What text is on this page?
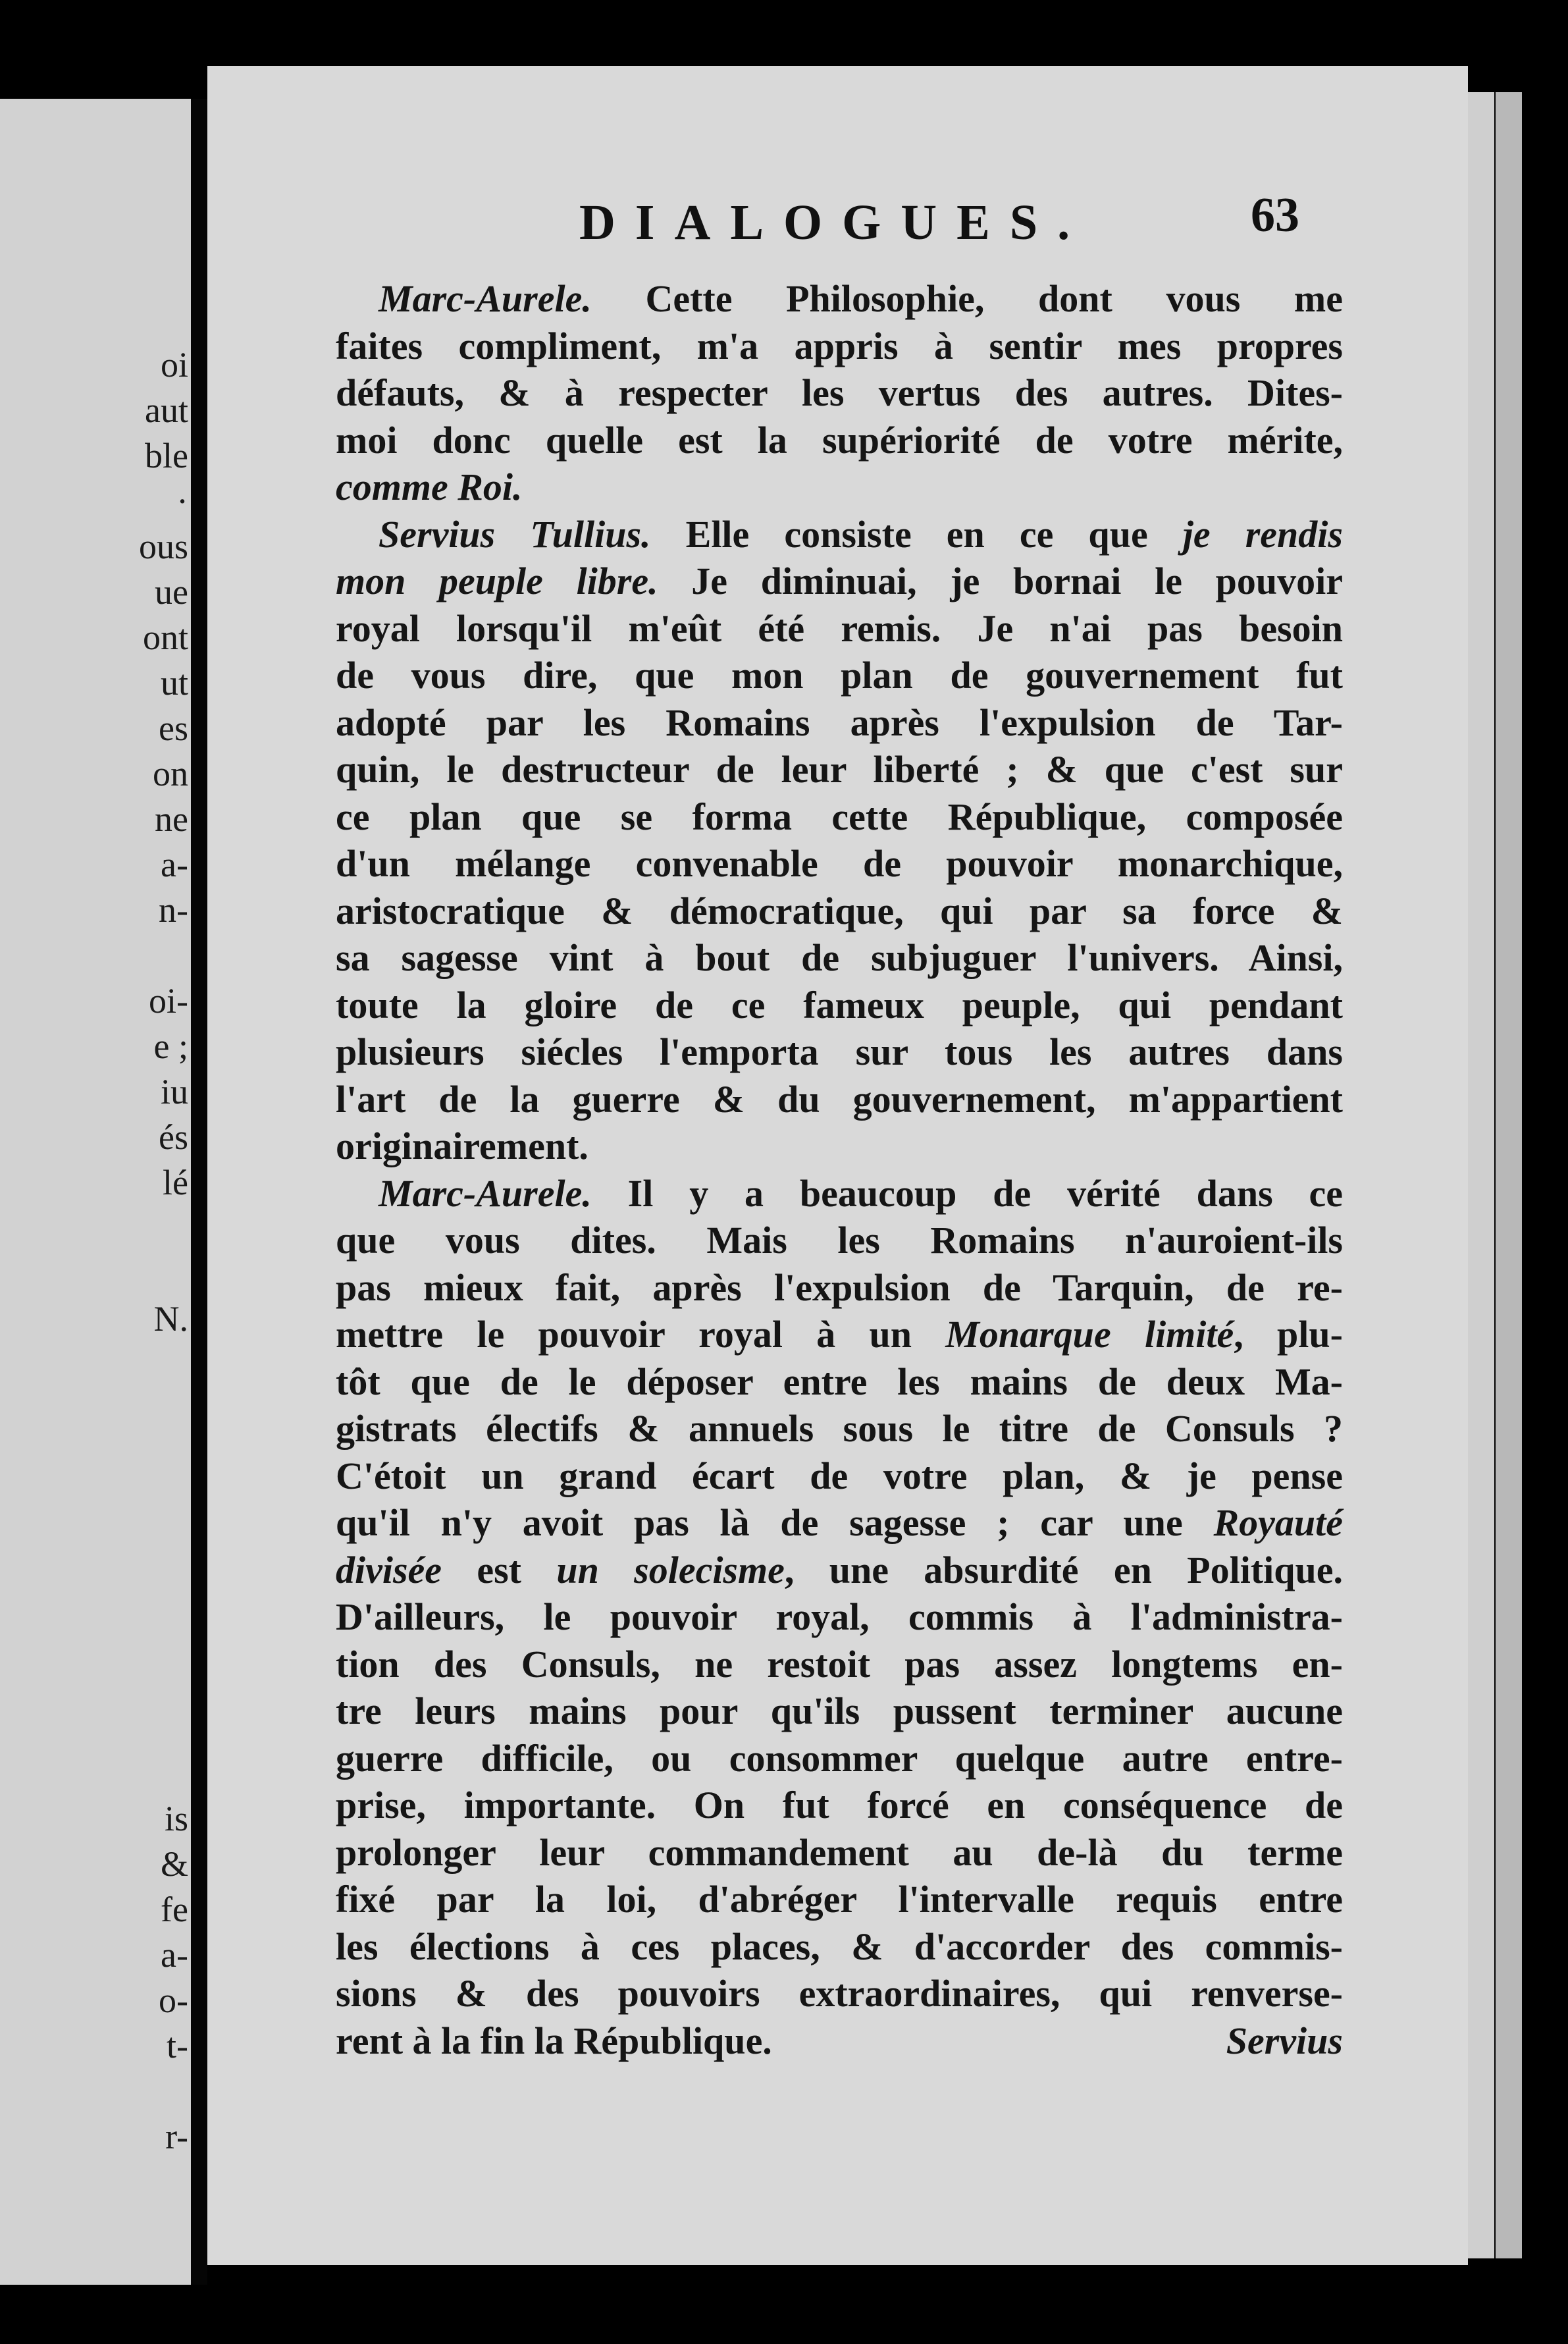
oi
aut
ble
·
ous
ue
ont
ut
es
on
ne
a-
n-

oi-
e ;
iu
és
lé

N.

is
&
fe
a-
o-
t-

r-
DIALOGUES.	63
Marc-Aurele. Cette Philosophie, dont vous me
faites compliment, m'a appris à sentir mes propres
défauts, & à respecter les vertus des autres. Dites-
moi donc quelle est la supériorité de votre mérite,
comme Roi.
Servius Tullius. Elle consiste en ce que je rendis
mon peuple libre. Je diminuai, je bornai le pouvoir
royal lorsqu'il m'eût été remis. Je n'ai pas besoin
de vous dire, que mon plan de gouvernement fut
adopté par les Romains après l'expulsion de Tar-
quin, le destructeur de leur liberté ; & que c'est sur
ce plan que se forma cette République, composée
d'un mélange convenable de pouvoir monarchique,
aristocratique & démocratique, qui par sa force &
sa sagesse vint à bout de subjuguer l'univers. Ainsi,
toute la gloire de ce fameux peuple, qui pendant
plusieurs siécles l'emporta sur tous les autres dans
l'art de la guerre & du gouvernement, m'appartient
originairement.
Marc-Aurele. Il y a beaucoup de vérité dans ce
que vous dites. Mais les Romains n'auroient-ils
pas mieux fait, après l'expulsion de Tarquin, de re-
mettre le pouvoir royal à un Monarque limité, plu-
tôt que de le déposer entre les mains de deux Ma-
gistrats électifs & annuels sous le titre de Consuls ?
C'étoit un grand écart de votre plan, & je pense
qu'il n'y avoit pas là de sagesse ; car une Royauté
divisée est un solecisme, une absurdité en Politique.
D'ailleurs, le pouvoir royal, commis à l'administra-
tion des Consuls, ne restoit pas assez longtems en-
tre leurs mains pour qu'ils pussent terminer aucune
guerre difficile, ou consommer quelque autre entre-
prise, importante. On fut forcé en conséquence de
prolonger leur commandement au de-là du terme
fixé par la loi, d'abréger l'intervalle requis entre
les élections à ces places, & d'accorder des commis-
sions & des pouvoirs extraordinaires, qui renverse-
rent à la fin la République.	Servius
